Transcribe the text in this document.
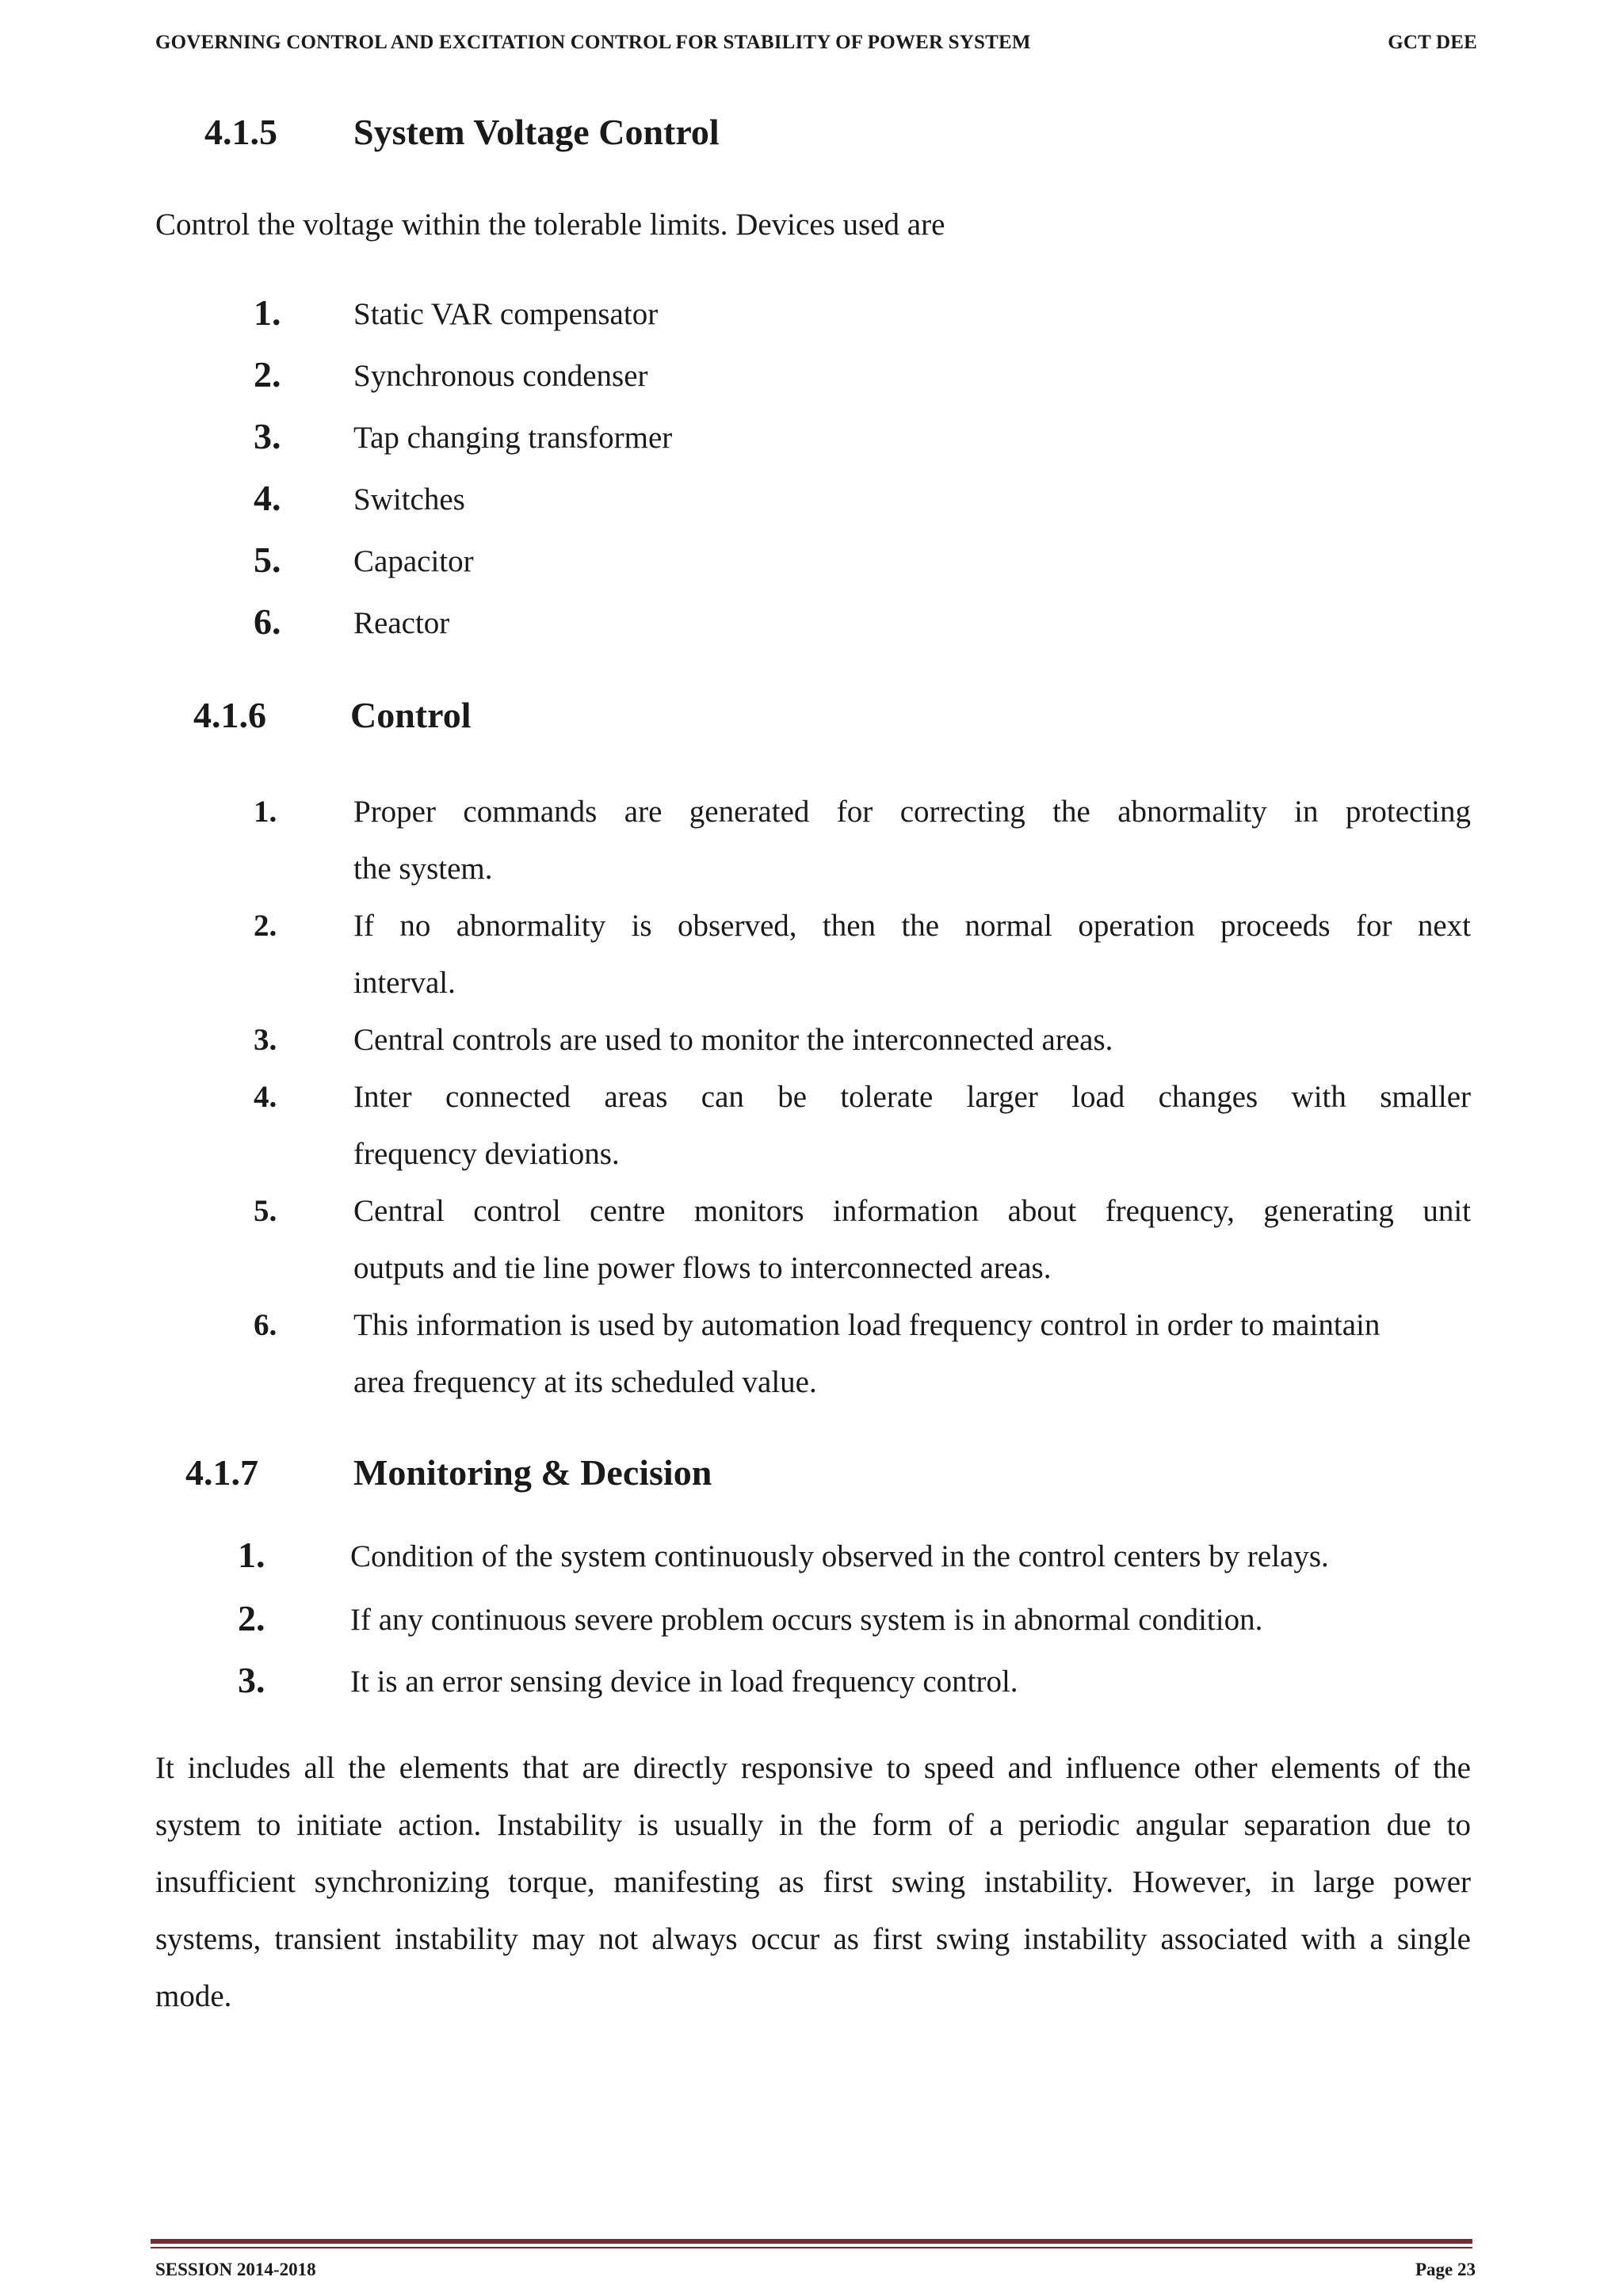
GOVERNING CONTROL AND EXCITATION CONTROL FOR STABILITY OF POWER SYSTEM	GCT DEE
4.1.5 System Voltage Control
Control the voltage within the tolerable limits. Devices used are
1. Static VAR compensator
2. Synchronous condenser
3. Tap changing transformer
4. Switches
5. Capacitor
6. Reactor
4.1.6 Control
1. Proper commands are generated for correcting the abnormality in protecting
the system.
2. If no abnormality is observed, then the normal operation proceeds for next
interval.
3. Central controls are used to monitor the interconnected areas.
4. Inter connected areas can be tolerate larger load changes with smaller
frequency deviations.
5. Central control centre monitors information about frequency, generating unit
outputs and tie line power flows to interconnected areas.
6. This information is used by automation load frequency control in order to maintain
area frequency at its scheduled value.
4.1.7	Monitoring & Decision
1.	Condition of the system continuously observed in the control centers by relays.
2.	If any continuous severe problem occurs system is in abnormal condition.
3.	It is an error sensing device in load frequency control.
It includes all the elements that are directly responsive to speed and influence other elements of the
system to initiate action. Instability is usually in the form of a periodic angular separation due to
insufficient synchronizing torque, manifesting as first swing instability. However, in large power
systems, transient instability may not always occur as first swing instability associated with a single
mode.
SESSION 2014-2018	Page 23
